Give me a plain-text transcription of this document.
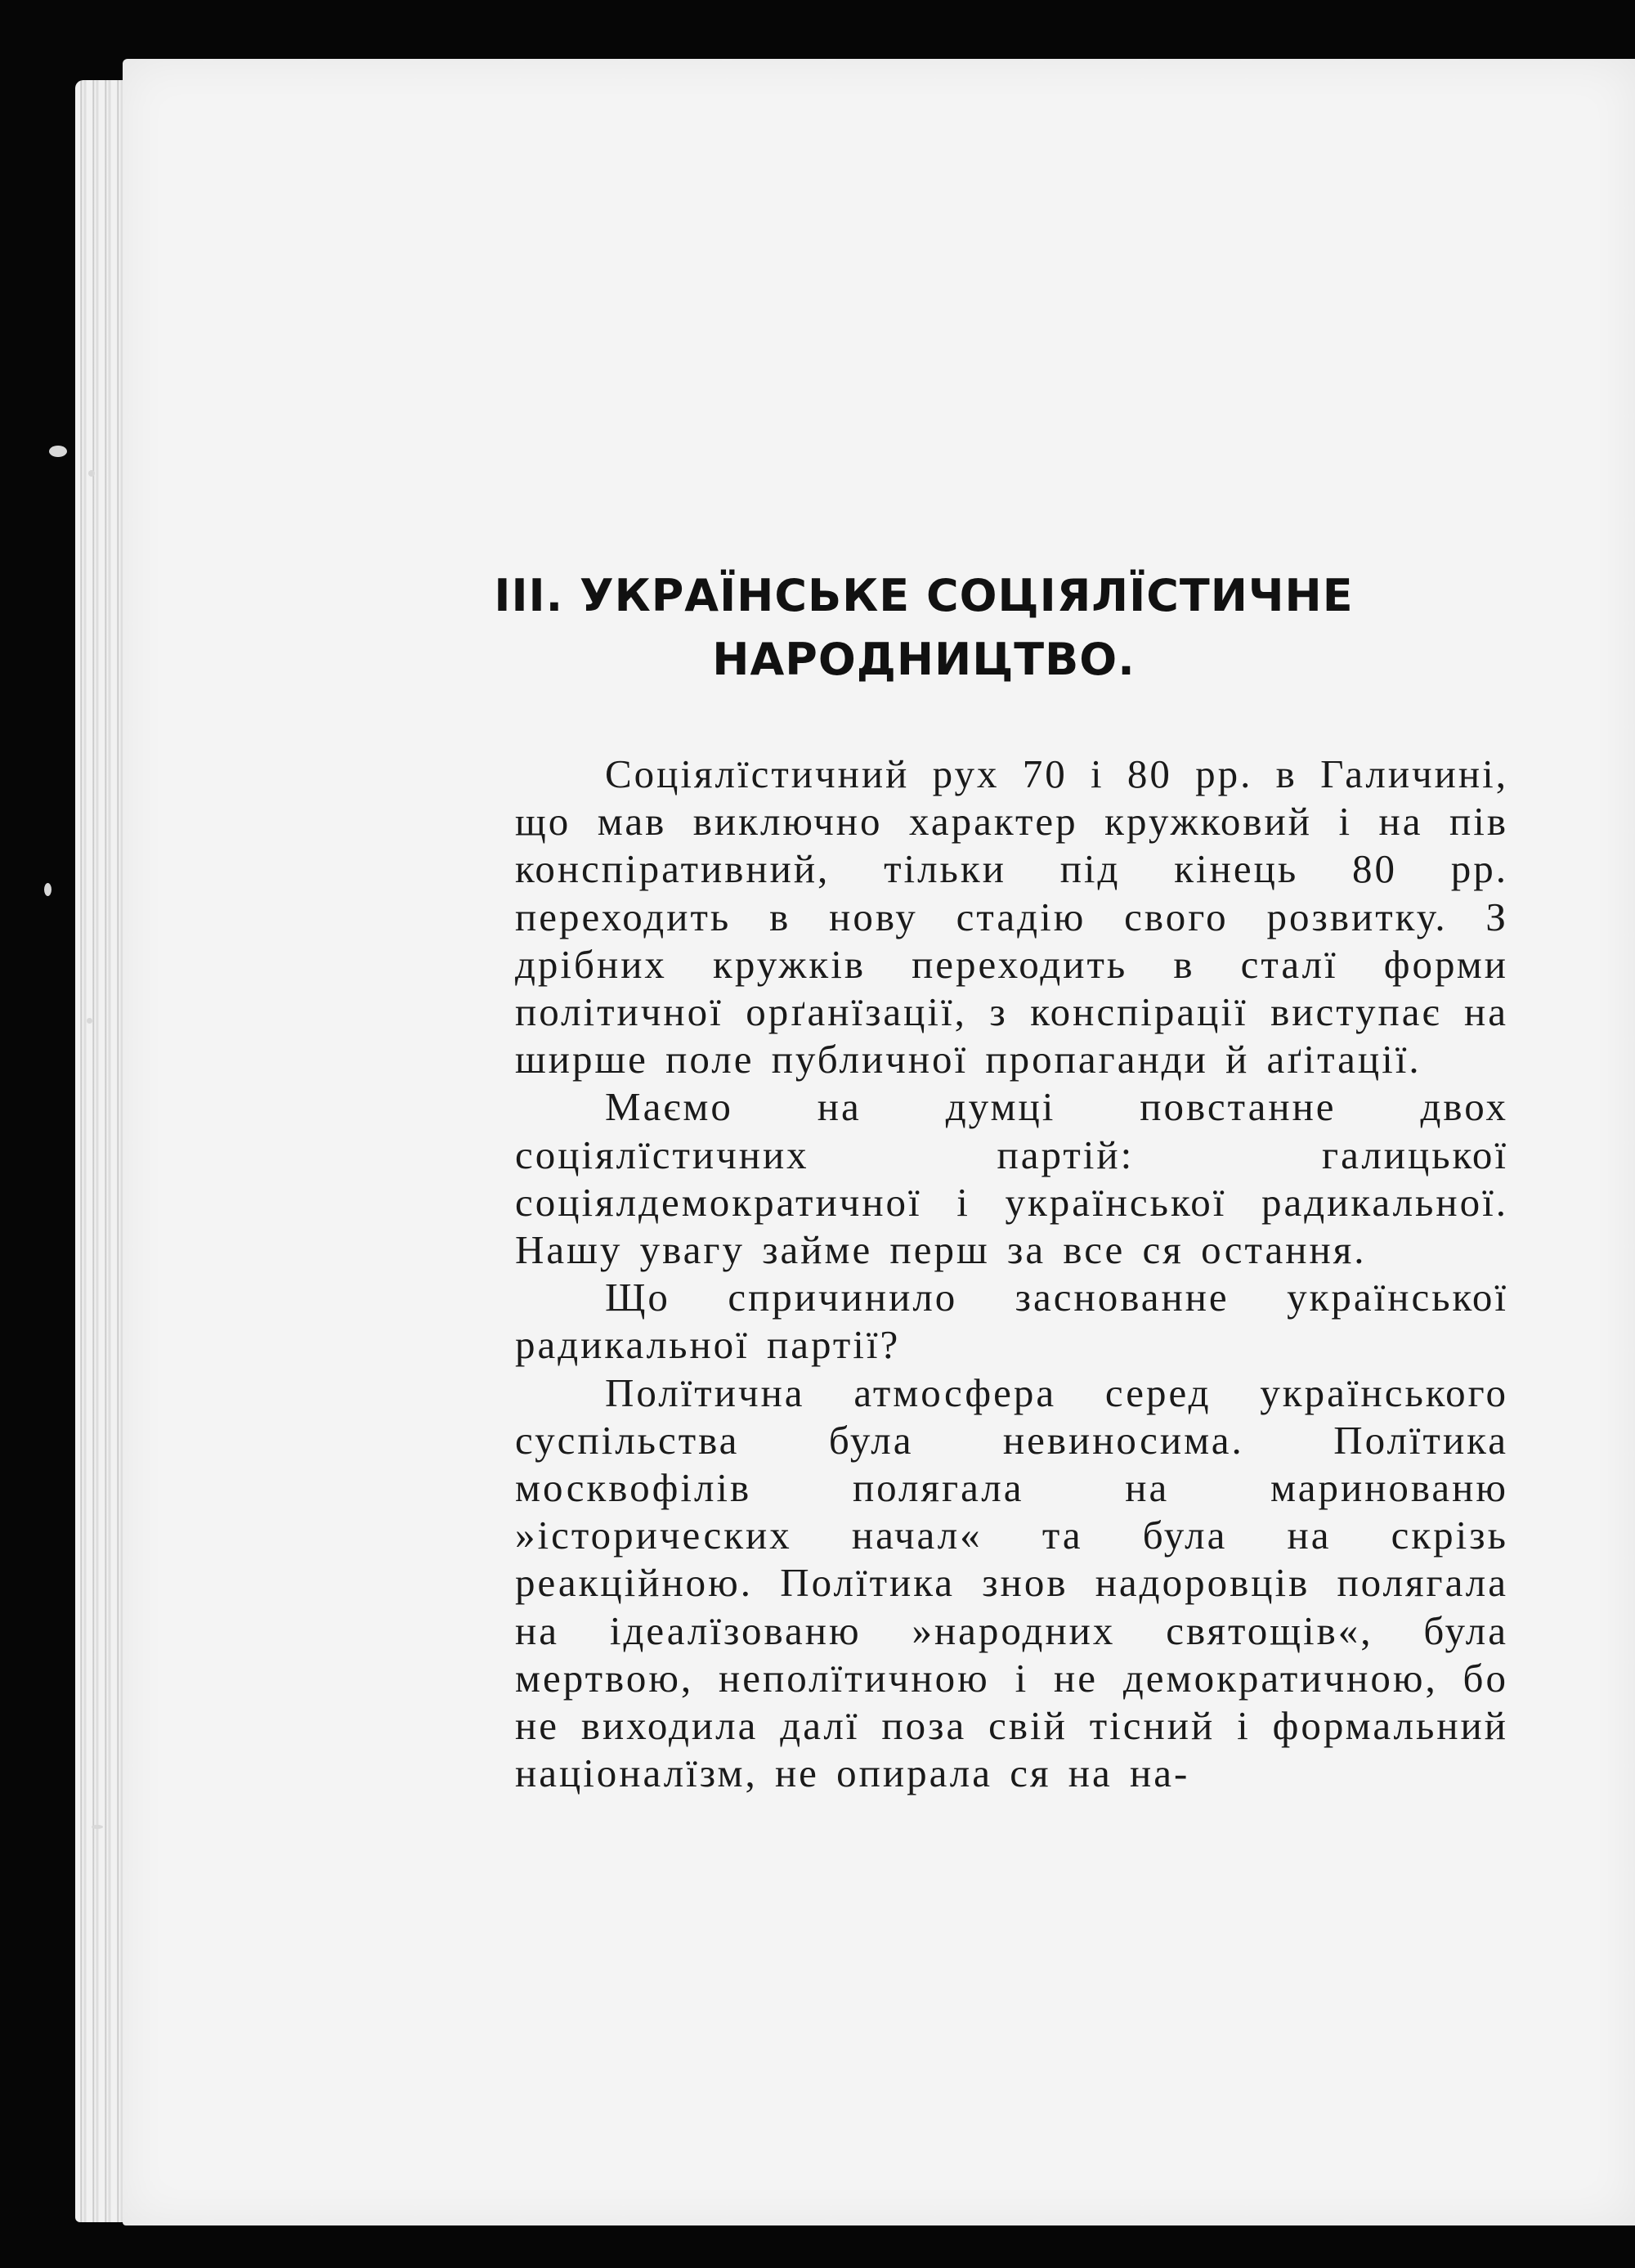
III. УКРАЇНСЬКЕ СОЦІЯЛЇСТИЧНЕ
НАРОДНИЦТВО.

Соціялїстичний рух 70 і 80 рр. в Галичині, що мав виключно характер кружковий і на пів конспіративний, тільки під кінець 80 рр. переходить в нову стадію свого розвитку. З дрібних кружків переходить в сталї форми політичної орґанїзації, з конспірації виступає на ширше поле публичної пропаганди й аґітації.

Маємо на думці повстанне двох соціялїстичних партій: галицької соціялдемократичної і української радикальної. Нашу увагу займе перш за все ся остання.

Що спричинило заснованне української радикальної партії?

Полїтична атмосфера серед українського суспільства була невиносима. Полїтика москвофілів полягала на маринованю »істоpических начал« та була на скрізь реакційною. Полїтика знов надоровців полягала на ідеалїзованю »народних святощів«, була мертвою, неполїтичною і не демократичною, бо не виходила далї поза свій тісний і формальний націоналїзм, не опирала ся на на-
